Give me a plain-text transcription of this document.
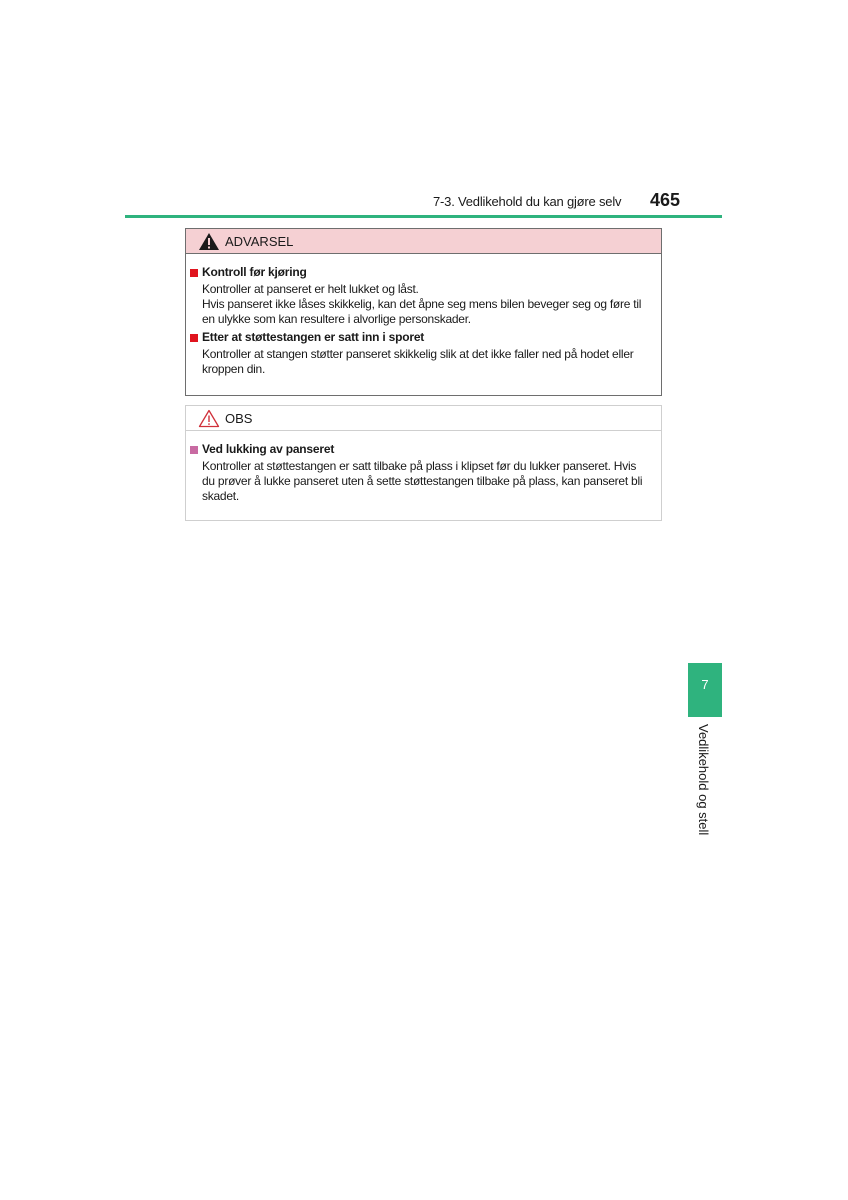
7-3. Vedlikehold du kan gjøre selv 465
ADVARSEL
Kontroll før kjøring

Kontroller at panseret er helt lukket og låst.

Hvis panseret ikke låses skikkelig, kan det åpne seg mens bilen beveger seg og føre til

en ulykke som kan resultere i alvorlige personskader.

Etter at støttestangen er satt inn i sporet

Kontroller at stangen støtter panseret skikkelig slik at det ikke faller ned på hodet eller

kroppen din.

OBS
Ved lukking av panseret

Kontroller at støttestangen er satt tilbake på plass i klipset før du lukker panseret. Hvis

du prøver å lukke panseret uten å sette støttestangen tilbake på plass, kan panseret bli

skadet.

7
Vedlikehold og stell
